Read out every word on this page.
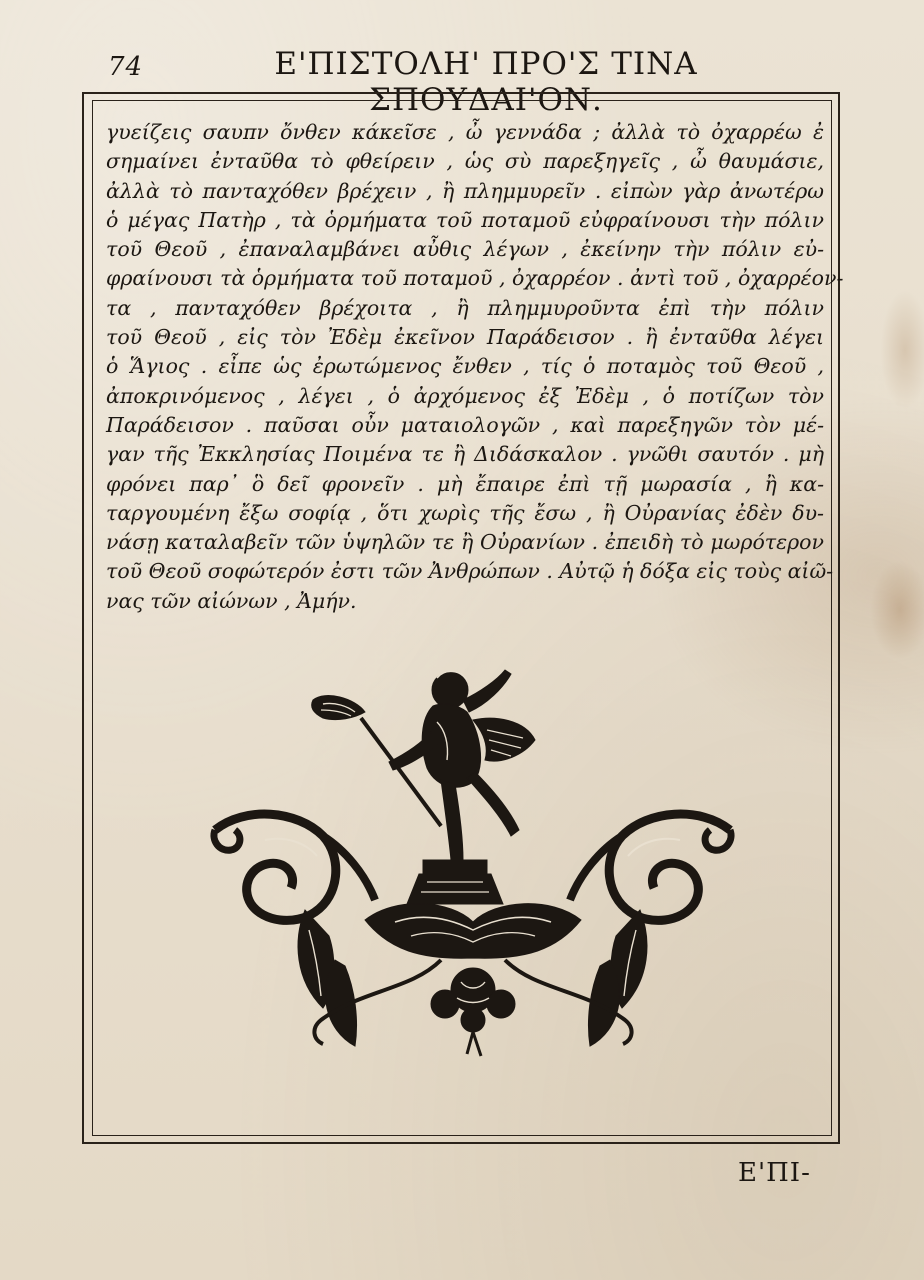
74	Ε'ΠΙΣΤΟΛΗ' ΠΡΟ'Σ ΤΙΝΑ ΣΠΟΥΔΑΙ'ΟΝ.
γυείζεις σαυπν ὄνθεν κάκεῖσε , ὦ γεννάδα ; ἀλλὰ τὸ ὀχαρρέω ἐ
σημαίνει ἐνταῦθα τὸ φθείρειν , ὡς σὺ παρεξηγεῖς , ὦ θαυμάσιε,
ἀλλὰ τὸ πανταχόθεν βρέχειν , ἢ πλημμυρεῖν . εἰπὼν γὰρ ἀνωτέρω
ὁ μέγας Πατὴρ , τὰ ὁρμήματα τοῦ ποταμοῦ εὐφραίνουσι τὴν πόλιν
τοῦ Θεοῦ , ἐπαναλαμβάνει αὖθις λέγων , ἐκείνην τὴν πόλιν εὐ-
φραίνουσι τὰ ὁρμήματα τοῦ ποταμοῦ , ὀχαρρέον . ἀντὶ τοῦ , ὀχαρρέον-
τα , πανταχόθεν βρέχοιτα , ἢ πλημμυροῦντα ἐπὶ τὴν πόλιν
τοῦ Θεοῦ , εἰς τὸν Ἐδὲμ ἐκεῖνον Παράδεισον . ἢ ἐνταῦθα λέγει
ὁ Ἅγιος . εἶπε ὡς ἐρωτώμενος ἔνθεν , τίς ὁ ποταμὸς τοῦ Θεοῦ ,
ἀποκρινόμενος , λέγει , ὁ ἀρχόμενος ἐξ Ἐδὲμ , ὁ ποτίζων τὸν
Παράδεισον . παῦσαι οὖν ματαιολογῶν , καὶ παρεξηγῶν τὸν μέ-
γαν τῆς Ἐκκλησίας Ποιμένα τε ἢ Διδάσκαλον . γνῶθι σαυτόν . μὴ
φρόνει παρ᾽ ὃ δεῖ φρονεῖν . μὴ ἔπαιρε ἐπὶ τῇ μωρασία , ἢ κα-
ταργουμένη ἔξω σοφίᾳ , ὅτι χωρὶς τῆς ἔσω , ἢ Οὐρανίας ἐδὲν δυ-
νάσῃ καταλαβεῖν τῶν ὑψηλῶν τε ἢ Οὐρανίων . ἐπειδὴ τὸ μωρότερον
τοῦ Θεοῦ σοφώτερόν ἐστι τῶν Ἀνθρώπων . Αὐτῷ ἡ δόξα εἰς τοὺς αἰῶ-
νας τῶν αἰώνων , Ἀμήν.
Ε'ΠΙ-
